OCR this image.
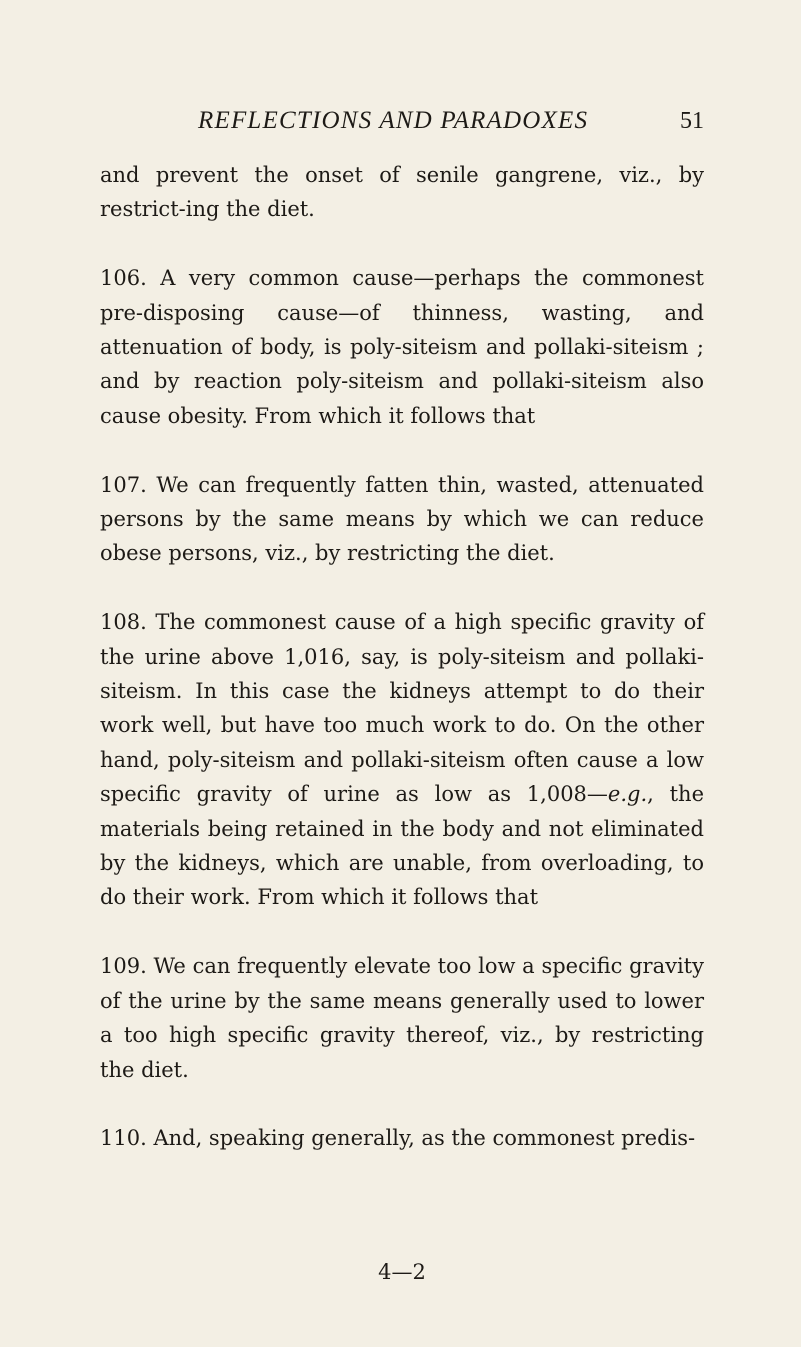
REFLECTIONS AND PARADOXES	51

and prevent the onset of senile gangrene, viz., by restrict-ing the diet.

106. A very common cause—perhaps the commonest pre-disposing cause—of thinness, wasting, and attenuation of body, is poly-siteism and pollaki-siteism ; and by reaction poly-siteism and pollaki-siteism also cause obesity. From which it follows that

107. We can frequently fatten thin, wasted, attenuated persons by the same means by which we can reduce obese persons, viz., by restricting the diet.

108. The commonest cause of a high specific gravity of the urine above 1,016, say, is poly-siteism and pollaki-siteism. In this case the kidneys attempt to do their work well, but have too much work to do. On the other hand, poly-siteism and pollaki-siteism often cause a low specific gravity of urine as low as 1,008—e.g., the materials being retained in the body and not eliminated by the kidneys, which are unable, from overloading, to do their work. From which it follows that

109. We can frequently elevate too low a specific gravity of the urine by the same means generally used to lower a too high specific gravity thereof, viz., by restricting the diet.

110. And, speaking generally, as the commonest predis-

4—2
